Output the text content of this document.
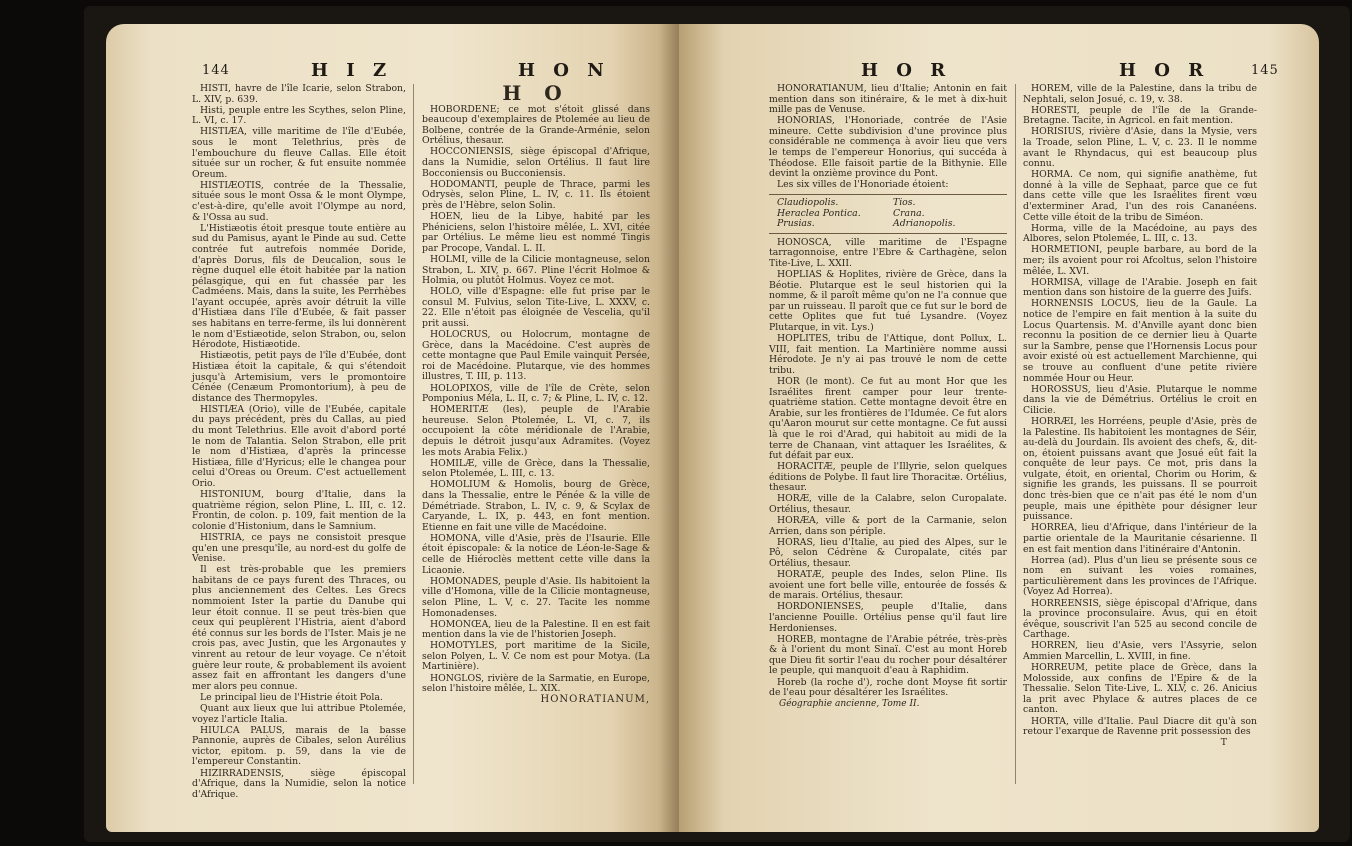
144	H I Z	H O N

HISTI, havre de l'île Icarie, selon Strabon, L. XIV, p. 639.

Histi, peuple entre les Scythes, selon Pline, L. VI, c. 17.

HISTIÆA, ville maritime de l'île d'Eubée, sous le mont Telethrius, près de l'embouchure du fleuve Callas. Elle étoit située sur un rocher, & fut ensuite nommée Oreum.

HISTIÆOTIS, contrée de la Thessalie, située sous le mont Ossa & le mont Olympe, c'est-à-dire, qu'elle avoit l'Olympe au nord, & l'Ossa au sud.

L'Histiæotis étoit presque toute entière au sud du Pamisus, ayant le Pinde au sud. Cette contrée fut autrefois nommée Doride, d'après Dorus, fils de Deucalion, sous le règne duquel elle étoit habitée par la nation pélasgique, qui en fut chassée par les Cadméens. Mais, dans la suite, les Perrhèbes l'ayant occupée, après avoir détruit la ville d'Histiæa dans l'île d'Eubée, & fait passer ses habitans en terre-ferme, ils lui donnèrent le nom d'Estiæotide, selon Strabon, ou, selon Hérodote, Histiæotide.

Histiæotis, petit pays de l'île d'Eubée, dont Histiæa étoit la capitale, & qui s'étendoit jusqu'à Artemisium, vers le promontoire Cénée (Cenæum Promontorium), à peu de distance des Thermopyles.

HISTIÆA (Orio), ville de l'Eubée, capitale du pays précédent, près du Callas, au pied du mont Telethrius. Elle avoit d'abord porté le nom de Talantia. Selon Strabon, elle prit le nom d'Histiæa, d'après la princesse Histiæa, fille d'Hyricus; elle le changea pour celui d'Oreas ou Oreum. C'est actuellement Orio.

HISTONIUM, bourg d'Italie, dans la quatrième région, selon Pline, L. III, c. 12. Frontin, de colon. p. 109, fait mention de la colonie d'Histonium, dans le Samnium.

HISTRIA, ce pays ne consistoit presque qu'en une presqu'île, au nord-est du golfe de Venise.

Il est très-probable que les premiers habitans de ce pays furent des Thraces, ou plus anciennement des Celtes. Les Grecs nommoient Ister la partie du Danube qui leur étoit connue. Il se peut très-bien que ceux qui peuplèrent l'Histria, aient d'abord été connus sur les bords de l'Ister. Mais je ne crois pas, avec Justin, que les Argonautes y vinrent au retour de leur voyage. Ce n'étoit guère leur route, & probablement ils avoient assez fait en affrontant les dangers d'une mer alors peu connue.

Le principal lieu de l'Histrie étoit Pola.

Quant aux lieux que lui attribue Ptolemée, voyez l'article Italia.

HIULCA PALUS, marais de la basse Pannonie, auprès de Cibales, selon Aurélius victor, epitom. p. 59, dans la vie de l'empereur Constantin.

HIZIRRADENSIS, siège épiscopal d'Afrique, dans la Numidie, selon la notice d'Afrique.

H O

HOBORDENE; ce mot s'étoit glissé dans beaucoup d'exemplaires de Ptolemée au lieu de Bolbene, contrée de la Grande-Arménie, selon Ortélius, thesaur.

HOCCONIENSIS, siège épiscopal d'Afrique, dans la Numidie, selon Ortélius. Il faut lire Bocconiensis ou Bucconiensis.

HODOMANTI, peuple de Thrace, parmi les Odrysès, selon Pline, L. IV, c. 11. Ils étoient près de l'Hèbre, selon Solin.

HOEN, lieu de la Libye, habité par les Phéniciens, selon l'histoire mêlée, L. XVI, citée par Ortélius. Le même lieu est nommé Tingis par Procope, Vandal. L. II.

HOLMI, ville de la Cilicie montagneuse, selon Strabon, L. XIV, p. 667. Pline l'écrit Holmoe & Holmia, ou plutôt Holmus. Voyez ce mot.

HOLO, ville d'Espagne: elle fut prise par le consul M. Fulvius, selon Tite-Live, L. XXXV, c. 22. Elle n'étoit pas éloignée de Vescelia, qu'il prit aussi.

HOLOCRUS, ou Holocrum, montagne de Grèce, dans la Macédoine. C'est auprès de cette montagne que Paul Emile vainquit Persée, roi de Macédoine. Plutarque, vie des hommes illustres, T. III, p. 113.

HOLOPIXOS, ville de l'île de Crète, selon Pomponius Méla, L. II, c. 7; & Pline, L. IV, c. 12.

HOMERITÆ (les), peuple de l'Arabie heureuse. Selon Ptolemée, L. VI, c. 7, ils occupoient la côte méridionale de l'Arabie, depuis le détroit jusqu'aux Adramites. (Voyez les mots Arabia Felix.)

HOMILÆ, ville de Grèce, dans la Thessalie, selon Ptolemée, L. III, c. 13.

HOMOLIUM & Homolis, bourg de Grèce, dans la Thessalie, entre le Pénée & la ville de Démétriade. Strabon, L. IV, c. 9, & Scylax de Caryande, L. IX, p. 443, en font mention. Etienne en fait une ville de Macédoine.

HOMONA, ville d'Asie, près de l'Isaurie. Elle étoit épiscopale: & la notice de Léon-le-Sage & celle de Hiéroclès mettent cette ville dans la Licaonie.

HOMONADES, peuple d'Asie. Ils habitoient la ville d'Homona, ville de la Cilicie montagneuse, selon Pline, L. V, c. 27. Tacite les nomme Homonadenses.

HOMONŒA, lieu de la Palestine. Il en est fait mention dans la vie de l'historien Joseph.

HOMOTYLES, port maritime de la Sicile, selon Polyen, L. V. Ce nom est pour Motya. (La Martinière).

HONGLOS, rivière de la Sarmatie, en Europe, selon l'histoire mêlée, L. XIX.

HONORATIANUM,

H O R	H O R	145

HONORATIANUM, lieu d'Italie; Antonin en fait mention dans son itinéraire, & le met à dix-huit mille pas de Venuse.

HONORIAS, l'Honoriade, contrée de l'Asie mineure. Cette subdivision d'une province plus considérable ne commença à avoir lieu que vers le temps de l'empereur Honorius, qui succéda à Théodose. Elle faisoit partie de la Bithynie. Elle devint la onzième province du Pont.

Les six villes de l'Honoriade étoient:

Claudiopolis.	Tios.
Heraclea Pontica.	Crana.
Prusias.	Adrianopolis.

HONOSCA, ville maritime de l'Espagne tarragonnoise, entre l'Ebre & Carthagène, selon Tite-Live, L. XXII.

HOPLIAS & Hoplites, rivière de Grèce, dans la Béotie. Plutarque est le seul historien qui la nomme, & il paroît même qu'on ne l'a connue que par un ruisseau. Il paroît que ce fut sur le bord de cette Oplites que fut tué Lysandre. (Voyez Plutarque, in vit. Lys.)

HOPLITES, tribu de l'Attique, dont Pollux, L. VIII, fait mention. La Martinière nomme aussi Hérodote. Je n'y ai pas trouvé le nom de cette tribu.

HOR (le mont). Ce fut au mont Hor que les Israélites firent camper pour leur trente-quatrième station. Cette montagne devoit être en Arabie, sur les frontières de l'Idumée. Ce fut alors qu'Aaron mourut sur cette montagne. Ce fut aussi là que le roi d'Arad, qui habitoit au midi de la terre de Chanaan, vint attaquer les Israélites, & fut défait par eux.

HORACITÆ, peuple de l'Illyrie, selon quelques éditions de Polybe. Il faut lire Thoracitæ. Ortélius, thesaur.

HORÆ, ville de la Calabre, selon Curopalate. Ortélius, thesaur.

HORÆA, ville & port de la Carmanie, selon Arrien, dans son périple.

HORAS, lieu d'Italie, au pied des Alpes, sur le Pô, selon Cédrène & Curopalate, cités par Ortélius, thesaur.

HORATÆ, peuple des Indes, selon Pline. Ils avoient une fort belle ville, entourée de fossés & de marais. Ortélius, thesaur.

HORDONIENSES, peuple d'Italie, dans l'ancienne Pouille. Ortélius pense qu'il faut lire Herdonienses.

HOREB, montagne de l'Arabie pétrée, très-près & à l'orient du mont Sinaï. C'est au mont Horeb que Dieu fit sortir l'eau du rocher pour désaltérer le peuple, qui manquoit d'eau à Raphidim.

Horeb (la roche d'), roche dont Moyse fit sortir de l'eau pour désaltérer les Israélites.

Géographie ancienne, Tome II.

HOREM, ville de la Palestine, dans la tribu de Nephtali, selon Josué, c. 19, v. 38.

HORESTI, peuple de l'île de la Grande-Bretagne. Tacite, in Agricol. en fait mention.

HORISIUS, rivière d'Asie, dans la Mysie, vers la Troade, selon Pline, L. V, c. 23. Il le nomme avant le Rhyndacus, qui est beaucoup plus connu.

HORMA. Ce nom, qui signifie anathème, fut donné à la ville de Sephaat, parce que ce fut dans cette ville que les Israélites firent vœu d'exterminer Arad, l'un des rois Cananéens. Cette ville étoit de la tribu de Siméon.

Horma, ville de la Macédoine, au pays des Albores, selon Ptolemée, L. III, c. 13.

HORMETIONI, peuple barbare, au bord de la mer; ils avoient pour roi Afcoltus, selon l'histoire mêlée, L. XVI.

HORMISA, village de l'Arabie. Joseph en fait mention dans son histoire de la guerre des Juifs.

HORNENSIS LOCUS, lieu de la Gaule. La notice de l'empire en fait mention à la suite du Locus Quartensis. M. d'Anville ayant donc bien reconnu la position de ce dernier lieu à Quarte sur la Sambre, pense que l'Hornensis Locus pour avoir existé où est actuellement Marchienne, qui se trouve au confluent d'une petite rivière nommée Hour ou Heur.

HOROSSUS, lieu d'Asie. Plutarque le nomme dans la vie de Démétrius. Ortélius le croit en Cilicie.

HORRÆI, les Horréens, peuple d'Asie, près de la Palestine. Ils habitoient les montagnes de Séir, au-delà du Jourdain. Ils avoient des chefs, &, dit-on, étoient puissans avant que Josué eût fait la conquête de leur pays. Ce mot, pris dans la vulgate, étoit, en oriental, Chorim ou Horim, & signifie les grands, les puissans. Il se pourroit donc très-bien que ce n'ait pas été le nom d'un peuple, mais une épithète pour désigner leur puissance.

HORREA, lieu d'Afrique, dans l'intérieur de la partie orientale de la Mauritanie césarienne. Il en est fait mention dans l'itinéraire d'Antonin.

Horrea (ad). Plus d'un lieu se présente sous ce nom en suivant les voies romaines, particulièrement dans les provinces de l'Afrique. (Voyez Ad Horrea).

HORREENSIS, siège épiscopal d'Afrique, dans la province proconsulaire. Avus, qui en étoit évêque, souscrivit l'an 525 au second concile de Carthage.

HORREN, lieu d'Asie, vers l'Assyrie, selon Ammien Marcellin, L. XVIII, in fine.

HORREUM, petite place de Grèce, dans la Molosside, aux confins de l'Epire & de la Thessalie. Selon Tite-Live, L. XLV, c. 26. Anicius la prit avec Phylace & autres places de ce canton.

HORTA, ville d'Italie. Paul Diacre dit qu'à son retour l'exarque de Ravenne prit possession des

T
